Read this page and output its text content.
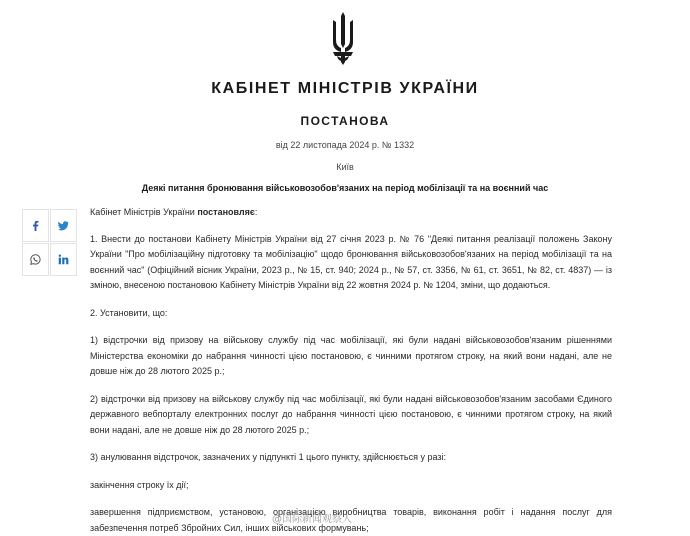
КАБІНЕТ МІНІСТРІВ УКРАЇНИ
ПОСТАНОВА
від 22 листопада 2024 р. № 1332
Київ
Деякі питання бронювання військовозобов'язаних на період мобілізації та на воєнний час

Кабінет Міністрів України постановляє:

1. Внести до постанови Кабінету Міністрів України від 27 січня 2023 р. № 76 "Деякі питання реалізації положень Закону України "Про мобілізаційну підготовку та мобілізацію" щодо бронювання військовозобов'язаних на період мобілізації та на воєнний час" (Офіційний вісник України, 2023 р., № 15, ст. 940; 2024 р., № 57, ст. 3356, № 61, ст. 3651, № 82, ст. 4837) — із зміною, внесеною постановою Кабінету Міністрів України від 22 жовтня 2024 р. № 1204, зміни, що додаються.

2. Установити, що:

1) відстрочки від призову на військову службу під час мобілізації, які були надані військовозобов'язаним рішеннями Міністерства економіки до набрання чинності цією постановою, є чинними протягом строку, на який вони надані, але не довше ніж до 28 лютого 2025 р.;

2) відстрочки від призову на військову службу під час мобілізації, які були надані військовозобов'язаним засобами Єдиного державного вебпорталу електронних послуг до набрання чинності цією постановою, є чинними протягом строку, на який вони надані, але не довше ніж до 28 лютого 2025 р.;

3) анулювання відстрочок, зазначених у підпункті 1 цього пункту, здійснюється у разі:

закінчення строку їх дії;

завершення підприємством, установою, організацією виробництва товарів, виконання робіт і надання послуг для забезпечення потреб Збройних Сил, інших військових формувань;

@国际新闻观察人
